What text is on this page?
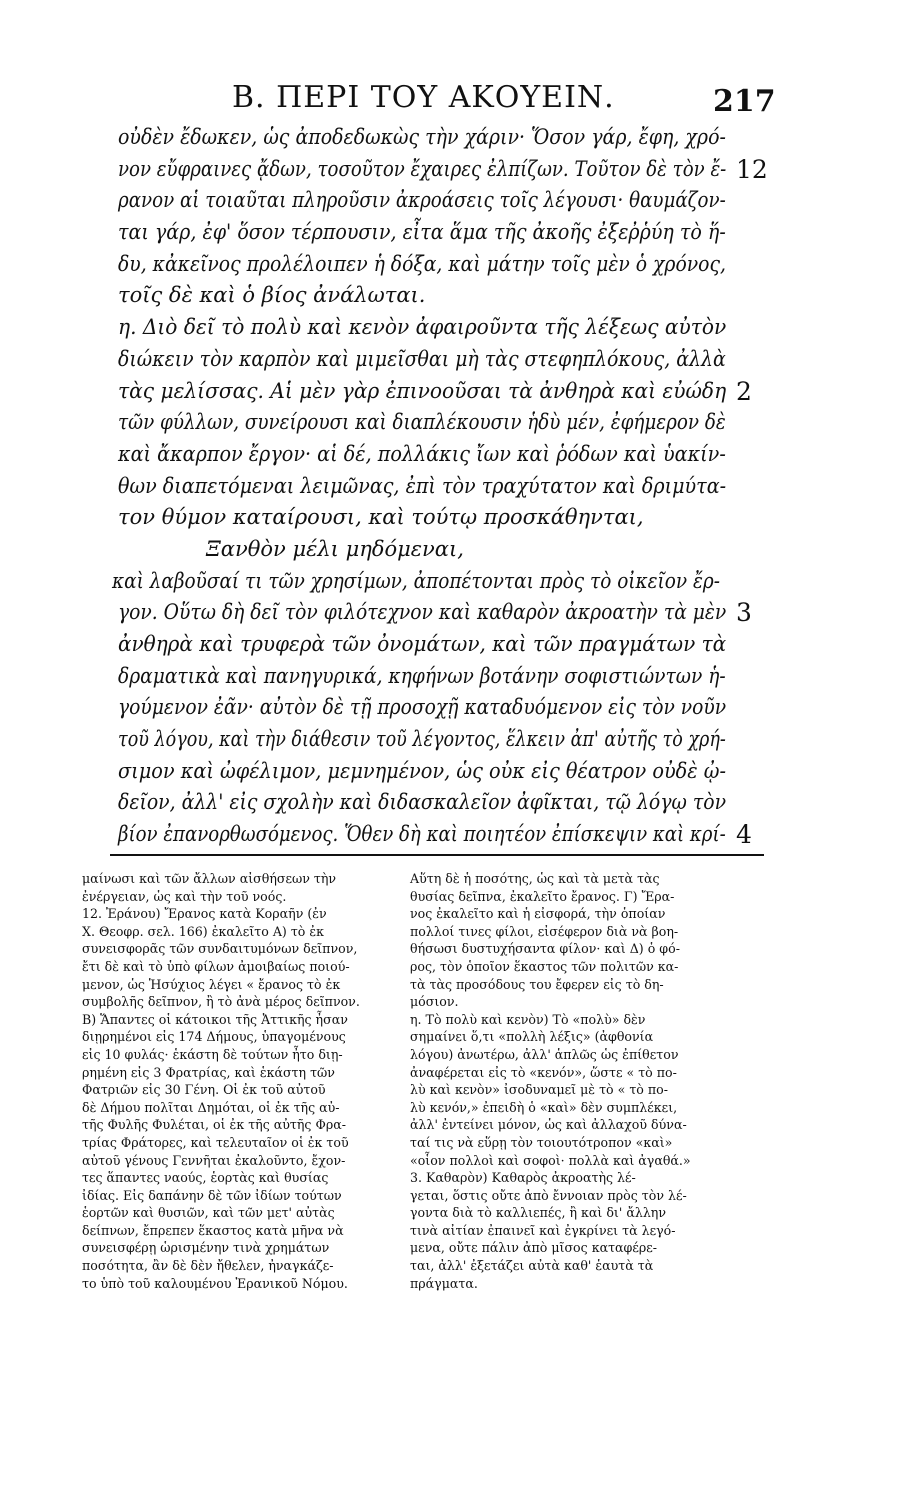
Β. ΠΕΡΙ ΤΟΥ ΑΚΟΥΕΙΝ.	217
οὐδὲν ἔδωκεν, ὡς ἀποδεδωκὼς τὴν χάριν· Ὅσον γάρ, ἔφη, χρό-
νον εὔφραινες ᾄδων, τοσοῦτον ἔχαιρες ἐλπίζων. Τοῦτον δὲ τὸν ἔ- 12
ρανον αἱ τοιαῦται πληροῦσιν ἀκροάσεις τοῖς λέγουσι· θαυμάζον-
ται γάρ, ἐφ' ὅσον τέρπουσιν, εἶτα ἅμα τῆς ἀκοῆς ἐξεῤῥύη τὸ ἥ-
δυ, κἀκεῖνος προλέλοιπεν ἡ δόξα, καὶ μάτην τοῖς μὲν ὁ χρόνος,
τοῖς δὲ καὶ ὁ βίος ἀνάλωται.
η. Διὸ δεῖ τὸ πολὺ καὶ κενὸν ἀφαιροῦντα τῆς λέξεως αὐτὸν
διώκειν τὸν καρπὸν καὶ μιμεῖσθαι μὴ τὰς στεφηπλόκους, ἀλλὰ
τὰς μελίσσας. Αἱ μὲν γὰρ ἐπινοοῦσαι τὰ ἀνθηρὰ καὶ εὐώδη 2
τῶν φύλλων, συνείρουσι καὶ διαπλέκουσιν ἡδὺ μέν, ἐφήμερον δὲ
καὶ ἄκαρπον ἔργον· αἱ δέ, πολλάκις ἴων καὶ ῥόδων καὶ ὑακίν-
θων διαπετόμεναι λειμῶνας, ἐπὶ τὸν τραχύτατον καὶ δριμύτα-
τον θύμον καταίρουσι, καὶ τούτῳ προσκάθηνται,
Ξανθὸν μέλι μηδόμεναι,
καὶ λαβοῦσαί τι τῶν χρησίμων, ἀποπέτονται πρὸς τὸ οἰκεῖον ἔρ-
γον. Οὕτω δὴ δεῖ τὸν φιλότεχνον καὶ καθαρὸν ἀκροατὴν τὰ μὲν 3
ἀνθηρὰ καὶ τρυφερὰ τῶν ὀνομάτων, καὶ τῶν πραγμάτων τὰ
δραματικὰ καὶ πανηγυρικά, κηφήνων βοτάνην σοφιστιώντων ἡ-
γούμενον ἐᾶν· αὐτὸν δὲ τῇ προσοχῇ καταδυόμενον εἰς τὸν νοῦν
τοῦ λόγου, καὶ τὴν διάθεσιν τοῦ λέγοντος, ἕλκειν ἀπ' αὐτῆς τὸ χρή-
σιμον καὶ ὠφέλιμον, μεμνημένον, ὡς οὐκ εἰς θέατρον οὐδὲ ᾠ-
δεῖον, ἀλλ' εἰς σχολὴν καὶ διδασκαλεῖον ἀφῖκται, τῷ λόγῳ τὸν
βίον ἐπανορθωσόμενος. Ὅθεν δὴ καὶ ποιητέον ἐπίσκεψιν καὶ κρί- 4
μαίνωσι καὶ τῶν ἄλλων αἰσθήσεων τὴν
ἐνέργειαν, ὡς καὶ τὴν τοῦ νοός.
12. Ἐράνου) Ἔρανος κατὰ Κοραῆν (ἐν
Χ. Θεοφρ. σελ. 166) ἐκαλεῖτο Α) τὸ ἐκ
συνεισφορᾶς τῶν συνδαιτυμόνων δεῖπνον,
ἔτι δὲ καὶ τὸ ὑπὸ φίλων ἀμοιβαίως ποιού-
μενον, ὡς Ἡσύχιος λέγει « ἔρανος τὸ ἐκ
συμβολῆς δεῖπνον, ἢ τὸ ἀνὰ μέρος δεῖπνον.
Β) Ἅπαντες οἱ κάτοικοι τῆς Ἀττικῆς ἦσαν
διῃρημένοι εἰς 174 Δήμους, ὑπαγομένους
εἰς 10 φυλάς· ἑκάστη δὲ τούτων ἦτο διῃ-
ρημένη εἰς 3 Φρατρίας, καὶ ἑκάστη τῶν
Φατριῶν εἰς 30 Γένη. Οἱ ἐκ τοῦ αὐτοῦ
δὲ Δήμου πολῖται Δημόται, οἱ ἐκ τῆς αὐ-
τῆς Φυλῆς Φυλέται, οἱ ἐκ τῆς αὐτῆς Φρα-
τρίας Φράτορες, καὶ τελευταῖον οἱ ἐκ τοῦ
αὐτοῦ γένους Γεννῆται ἐκαλοῦντο, ἔχον-
τες ἅπαντες ναούς, ἑορτὰς καὶ θυσίας
ἰδίας. Εἰς δαπάνην δὲ τῶν ἰδίων τούτων
ἑορτῶν καὶ θυσιῶν, καὶ τῶν μετ' αὐτὰς
δείπνων, ἔπρεπεν ἕκαστος κατὰ μῆνα νὰ
συνεισφέρῃ ὡρισμένην τινὰ χρημάτων
ποσότητα, ἂν δὲ δὲν ἤθελεν, ἠναγκάζε-
το ὑπὸ τοῦ καλουμένου Ἐρανικοῦ Νόμου.
Αὕτη δὲ ἡ ποσότης, ὡς καὶ τὰ μετὰ τὰς
θυσίας δεῖπνα, ἐκαλεῖτο ἔρανος. Γ) Ἔρα-
νος ἐκαλεῖτο καὶ ἡ εἰσφορά, τὴν ὁποίαν
πολλοί τινες φίλοι, εἰσέφερον διὰ νὰ βοη-
θήσωσι δυστυχήσαντα φίλον· καὶ Δ) ὁ φό-
ρος, τὸν ὁποῖον ἕκαστος τῶν πολιτῶν κα-
τὰ τὰς προσόδους του ἔφερεν εἰς τὸ δη-
μόσιον.
η. Τὸ πολὺ καὶ κενὸν) Τὸ «πολὺ» δὲν
σημαίνει ὅ,τι «πολλὴ λέξις» (ἀφθονία
λόγου) ἀνωτέρω, ἀλλ' ἁπλῶς ὡς ἐπίθετον
ἀναφέρεται εἰς τὸ «κενόν», ὥστε « τὸ πο-
λὺ καὶ κενὸν» ἰσοδυναμεῖ μὲ τὸ « τὸ πο-
λὺ κενόν,» ἐπειδὴ ὁ «καὶ» δὲν συμπλέκει,
ἀλλ' ἐντείνει μόνον, ὡς καὶ ἀλλαχοῦ δύνα-
ταί τις νὰ εὕρῃ τὸν τοιουτότροπον «καὶ»
«οἷον πολλοὶ καὶ σοφοὶ· πολλὰ καὶ ἀγαθά.»
3. Καθαρὸν) Καθαρὸς ἀκροατὴς λέ-
γεται, ὅστις οὔτε ἀπὸ ἔννοιαν πρὸς τὸν λέ-
γοντα διὰ τὸ καλλιεπές, ἢ καὶ δι' ἄλλην
τινὰ αἰτίαν ἐπαινεῖ καὶ ἐγκρίνει τὰ λεγό-
μενα, οὔτε πάλιν ἀπὸ μῖσος καταφέρε-
ται, ἀλλ' ἐξετάζει αὐτὰ καθ' ἑαυτὰ τὰ
πράγματα.
